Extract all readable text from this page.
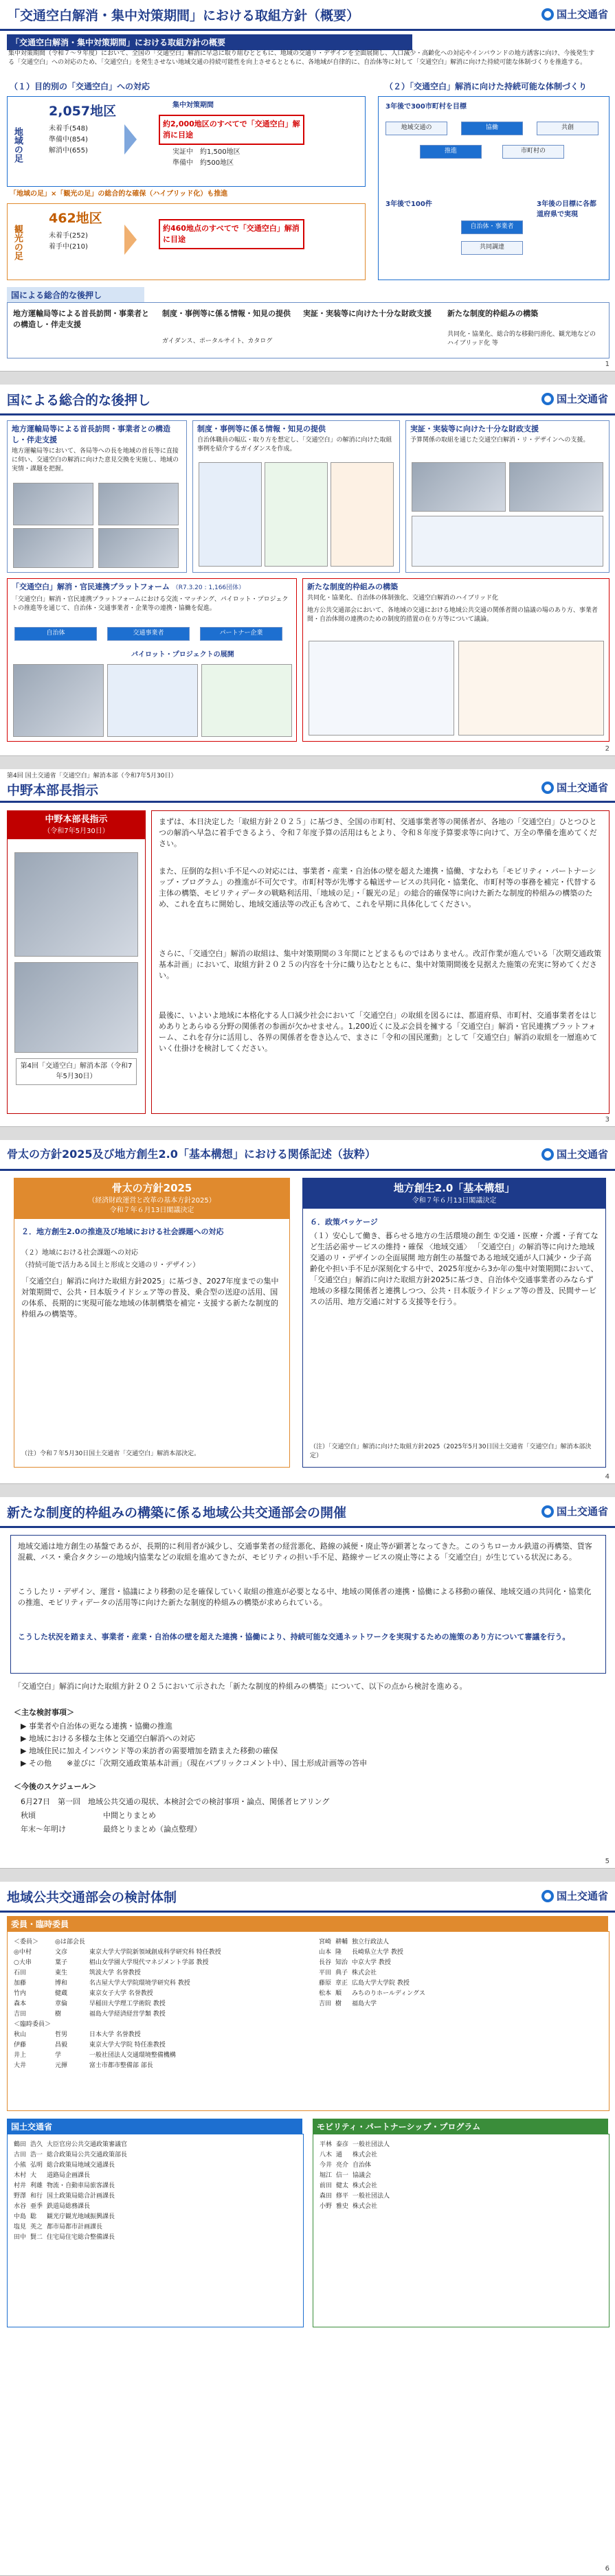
「交通空白解消・集中対策期間」における取組方針（概要）	国土交通省
「交通空白解消・集中対策期間」における取組方針の概要
集中対策期間（令和７～９年度）において、全国の「交通空白」解消に早急に取り組むとともに、地域の交通リ・デザインを全面展開し、人口減少・高齢化への対応やインバウンドの地方誘客に向け、今後発生する「交通空白」への対応のため、「交通空白」を発生させない地域交通の持続可能性を向上させるとともに、各地域が自律的に、自治体等に対して「交通空白」解消に向けた持続可能な体制づくりを推進する。
（１）目的別の「交通空白」への対応	（２）「交通空白」解消に向けた持続可能な体制づくり
地域の足
2,057地区
未着手(548)
準備中(854)
解消中(655)
集中対策期間
約2,000地区のすべてで「交通空白」解消に目途
実証中　約1,500地区
準備中　約500地区
「地域の足」×「観光の足」の総合的な確保（ハイブリッド化）も推進
観光の足
462地区
未着手(252)
着手中(210)
約460地点のすべてで「交通空白」解消に目途
3年後で300市町村を目標
地域交通の	協働	共創
推進	市町村の
3年後で100件
自治体・事業者
共同調達
3年後の目標に各都道府県で実現
国による総合的な後押し
地方運輸局等による首長訪問・事業者との構造し・伴走支援
制度・事例等に係る情報・知見の提供
ガイダンス、ポータルサイト、カタログ
実証・実装等に向けた十分な財政支援 新たな制度的枠組みの構築
共同化・協業化、総合的な移動円滑化、観光地などのハイブリッド化 等
1
国による総合的な後押し	国土交通省
地方運輸局等による首長訪問・事業者との構造し・伴走支援
地方運輸局等において、各局等への長を地域の首長等に直接に伺い、交通空白の解消に向けた意見交換を実施し、地域の実情・課題を把握。
制度・事例等に係る情報・知見の提供
自治体職員の幅広・取り方を想定し、「交通空白」の解消に向けた取組事例を紹介するガイダンスを作成。
実証・実装等に向けた十分な財政支援
予算関係の取組を通じた交通空白解消・リ・デザインへの支援。
「交通空白」解消・官民連携プラットフォーム （R7.3.20 : 1,166団体）
「交通空白」解消・官民連携プラットフォームにおける交流・マッチング、パイロット・プロジェクトの推進等を通じて、自治体・交通事業者・企業等の連携・協働を促進。
自治体	交通事業者	パートナー企業
パイロット・プロジェクトの展開
新たな制度的枠組みの構築
共同化・協業化、自治体の体制強化、交通空白解消のハイブリッド化
地方公共交通部会において、各地域の交通における地域公共交通の関係者間の協議の場のあり方、事業者間・自治体間の連携のための制度的措置の在り方等について議論。
2
第4回 国土交通省「交通空白」解消本部（令和7年5月30日）
中野本部長指示	国土交通省
中野本部長指示
（令和7年5月30日）
第4回「交通空白」解消本部（令和7年5月30日）
まずは、本日決定した「取組方針２０２５」に基づき、全国の市町村、交通事業者等の関係者が、各地の「交通空白」ひとつひとつの解消へ早急に着手できるよう、令和７年度予算の活用はもとより、令和８年度予算要求等に向けて、万全の準備を進めてください。
また、圧倒的な担い手不足への対応には、事業者・産業・自治体の壁を超えた連携・協働、すなわち「モビリティ・パートナーシップ・プログラム」の推進が不可欠です。市町村等が先導する輸送サービスの共同化・協業化、市町村等の事務を補完・代替する主体の構築、モビリティデータの戦略利活用、「地域の足」・「観光の足」の総合的確保等に向けた新たな制度的枠組みの構築のため、これを直ちに開始し、地域交通法等の改正も含めて、これを早期に具体化してください。
さらに、「交通空白」解消の取組は、集中対策期間の３年間にとどまるものではありません。改訂作業が進んでいる「次期交通政策基本計画」において、取組方針２０２５の内容を十分に織り込むとともに、集中対策期間後を見据えた施策の充実に努めてください。
最後に、いよいよ地域に本格化する人口減少社会において「交通空白」の取組を図るには、都道府県、市町村、交通事業者をはじめありとあらゆる分野の関係者の参画が欠かせません。1,200近くに及ぶ会員を擁する「交通空白」解消・官民連携プラットフォーム、これを存分に活用し、各界の関係者を巻き込んで、まさに「令和の国民運動」として「交通空白」解消の取組を一層進めていく仕掛けを検討してください。
3
骨太の方針2025及び地方創生2.0「基本構想」における関係記述（抜粋）	国土交通省
骨太の方針2025
（経済財政運営と改革の基本方針2025）
令和７年６月13日閣議決定
２．地方創生2.0の推進及び地域における社会課題への対応
（２）地域における社会課題への対応
（持続可能で活力ある国土と形成と交通のリ・デザイン）
「交通空白」解消に向けた取組方針2025」に基づき、2027年度までの集中対策期間で、公共・日本版ライドシェア等の普及、乗合型の送迎の活用、国の体系、長期的に実現可能な地域の体制構築を補完・支援する新たな制度的枠組みの構築等。
（注）令和７年5月30日国土交通省「交通空白」解消本部決定。
地方創生2.0「基本構想」
令和７年６月13日閣議決定
６．政策パッケージ
（１）安心して働き、暮らせる地方の生活環境の創生 ①交通・医療・介護・子育てなど生活必需サービスの維持・確保 〈地域交通〉 「交通空白」の解消等に向けた地域交通のリ・デザインの全面展開 地方創生の基盤である地域交通が人口減少・少子高齢化や担い手不足が深刻化する中で、2025年度から3か年の集中対策期間において、「交通空白」解消に向けた取組方針2025に基づき、自治体や交通事業者のみならず地域の多様な関係者と連携しつつ、公共・日本版ライドシェア等の普及、民間サービスの活用、地方交通に対する支援等を行う。
（注）「交通空白」解消に向けた取組方針2025（2025年5月30日国土交通省「交通空白」解消本部決定）
4
新たな制度的枠組みの構築に係る地域公共交通部会の開催	国土交通省
地域交通は地方創生の基盤であるが、長期的に利用者が減少し、交通事業者の経営悪化、路線の減便・廃止等が顕著となってきた。このうちローカル鉄道の再構築、貨客混載、バス・乗合タクシーの地域内協業などの取組を進めてきたが、モビリティの担い手不足、路線サービスの廃止等による「交通空白」が生じている状況にある。
こうしたリ・デザイン、運営・協議により移動の足を確保していく取組の推進が必要となる中、地域の関係者の連携・協働による移動の確保、地域交通の共同化・協業化の推進、モビリティデータの活用等に向けた新たな制度的枠組みの構築が求められている。
こうした状況を踏まえ、事業者・産業・自治体の壁を超えた連携・協働により、持続可能な交通ネットワークを実現するための施策のあり方について審議を行う。
「交通空白」解消に向けた取組方針２０２５において示された「新たな制度的枠組みの構築」について、以下の点から検討を進める。
＜主な検討事項＞
▶ 事業者や自治体の更なる連携・協働の推進
▶ 地域における多様な主体と交通空白解消への対応
▶ 地域住民に加えインバウンド等の来訪者の需要増加を踏まえた移動の確保
▶ その他　　※並びに「次期交通政策基本計画」（現在パブリックコメント中）、国土形成計画等の答申
＜今後のスケジュール＞
6月27日　 第一回　 地域公共交通の現状、本検討会での検討事項・論点、関係者ヒアリング
秋頃	中間とりまとめ
年末～年明け	最終とりまとめ（論点整理）
5
地域公共交通部会の検討体制	国土交通省
委員・臨時委員
＜委員＞	◎は部会長	
◎中村	文彦	東京大学大学院新領域創成科学研究科 特任教授
○大串	葉子	椙山女学園大学現代マネジメント学部 教授
石田	東生	筑波大学 名誉教授
加藤	博和	名古屋大学大学院環境学研究科 教授
竹内	健蔵	東京女子大学 名誉教授
森本	章倫	早稲田大学理工学術院 教授
吉田	樹	福島大学経済経営学類 教授
＜臨時委員＞		
秋山	哲男	日本大学 名誉教授
伊藤	昌毅	東京大学大学院 特任准教授
井上	学	一般社団法人交通環境整備機構
大井	元揮	富士市都市整備部 部長
宮崎	耕輔	独立行政法人
山本	隆	長崎県立大学 教授
長谷	知治	中京大学 教授
平田	典子	株式会社
藤原	章正	広島大学大学院 教授
松本	順	みちのりホールディングス
吉田	樹	福島大学
国土交通省
鶴田	浩久	大臣官房公共交通政策審議官
古田	浩一	総合政策局公共交通政策部長
小熊	弘明	総合政策局地域交通課長
木村	大	道路局企画課長
村井	利雄	物流・自動車局旅客課長
野澤	和行	国土政策局総合計画課長
水谷	亜季	鉄道局総務課長
中島	聡	観光庁観光地域振興課長
塩見	英之	都市局都市計画課長
田中	賢二	住宅局住宅総合整備課長
モビリティ・パートナーシップ・プログラム
平林	泰彦	一般社団法人
八木	通	株式会社
今井	亮介	自治体
堀江	信一	協議会
前田	健太	株式会社
森田	修平	一般社団法人
小野	雅史	株式会社
6
